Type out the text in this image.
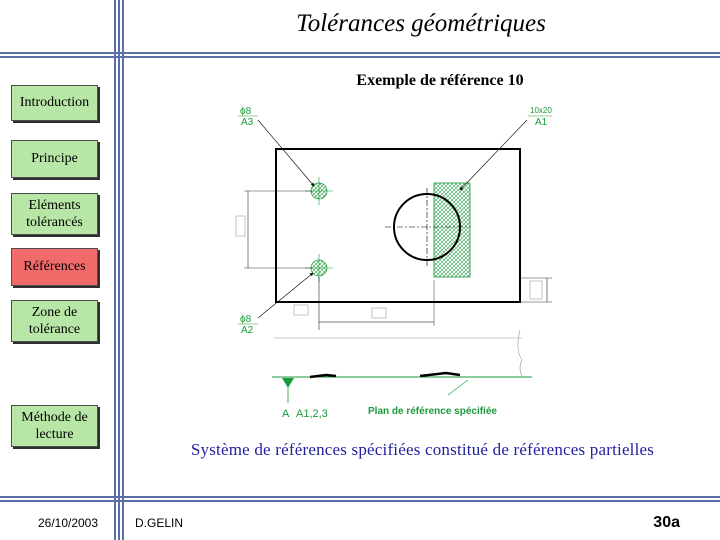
Tolérances géométriques
Exemple de référence 10
Introduction
Principe
Eléments tolérancés
Références
Zone de tolérance
Méthode de lecture
ϕ8
A3
10x20
A1
ϕ8
A2
A A1,2,3	Plan de référence spécifiée
Système de références spécifiées constitué de références partielles
26/10/2003	D.GELIN	30a
